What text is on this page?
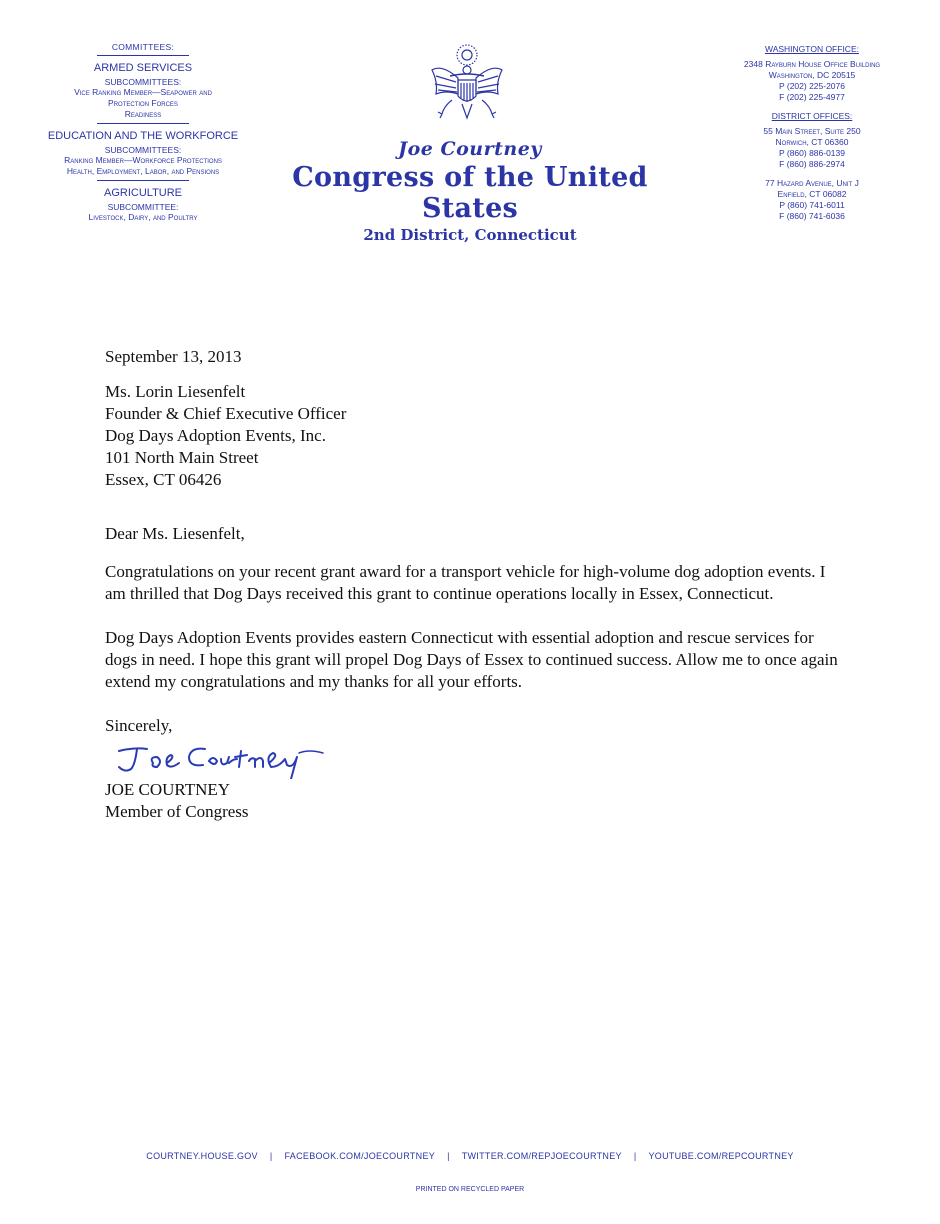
COMMITTEES:
ARMED SERVICES
SUBCOMMITTEES:
Vice Ranking Member—Seapower and
Protection Forces
Readiness
EDUCATION AND THE WORKFORCE
SUBCOMMITTEES:
Ranking Member—Workforce Protections
Health, Employment, Labor, and Pensions
AGRICULTURE
SUBCOMMITTEE:
Livestock, Dairy, and Poultry
Joe Courtney
Congress of the United States
2nd District, Connecticut
WASHINGTON OFFICE:
2348 Rayburn House Office Building
Washington, DC 20515
P (202) 225-2076
F (202) 225-4977
DISTRICT OFFICES:
55 Main Street, Suite 250
Norwich, CT 06360
P (860) 886-0139
F (860) 886-2974
77 Hazard Avenue, Unit J
Enfield, CT 06082
P (860) 741-6011
F (860) 741-6036

September 13, 2013

Ms. Lorin Liesenfelt

Founder & Chief Executive Officer

Dog Days Adoption Events, Inc.

101 North Main Street

Essex, CT 06426

Dear Ms. Liesenfelt,

Congratulations on your recent grant award for a transport vehicle for high-volume dog adoption events. I am thrilled that Dog Days received this grant to continue operations locally in Essex, Connecticut.

Dog Days Adoption Events provides eastern Connecticut with essential adoption and rescue services for dogs in need. I hope this grant will propel Dog Days of Essex to continued success. Allow me to once again extend my congratulations and my thanks for all your efforts.

Sincerely,

JOE COURTNEY

Member of Congress

COURTNEY.HOUSE.GOV | FACEBOOK.COM/JOECOURTNEY | TWITTER.COM/REPJOECOURTNEY | YOUTUBE.COM/REPCOURTNEY
PRINTED ON RECYCLED PAPER
